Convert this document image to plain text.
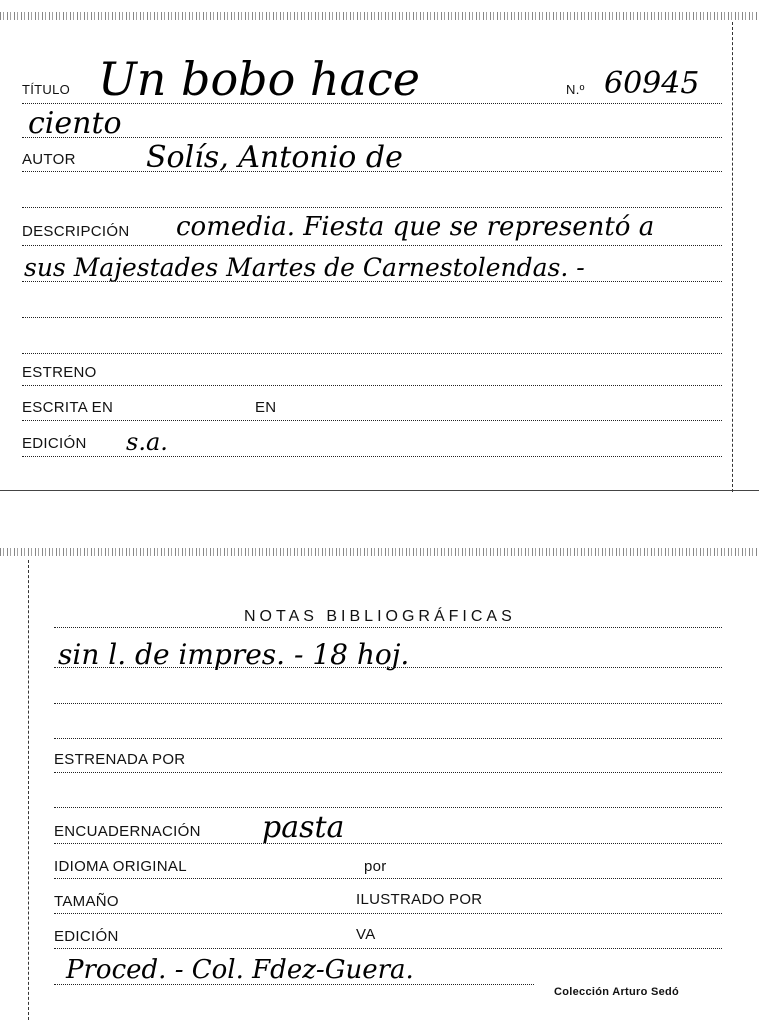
TÍTULO Un bobo hace	N.º 60945
ciento
AUTOR Solís, Antonio de
DESCRIPCIÓN comedia. Fiesta que se representó a
sus Majestades Martes de Carnestolendas. -
ESTRENO
ESCRITA EN	EN
EDICIÓN s.a.
NOTAS BIBLIOGRÁFICAS
sin l. de impres. - 18 hoj.
ESTRENADA POR
ENCUADERNACIÓN pasta
IDIOMA ORIGINAL	por
TAMAÑO	ILUSTRADO POR
EDICIÓN	VA
Proced. - Col. Fdez-Guera.
Colección Arturo Sedó
